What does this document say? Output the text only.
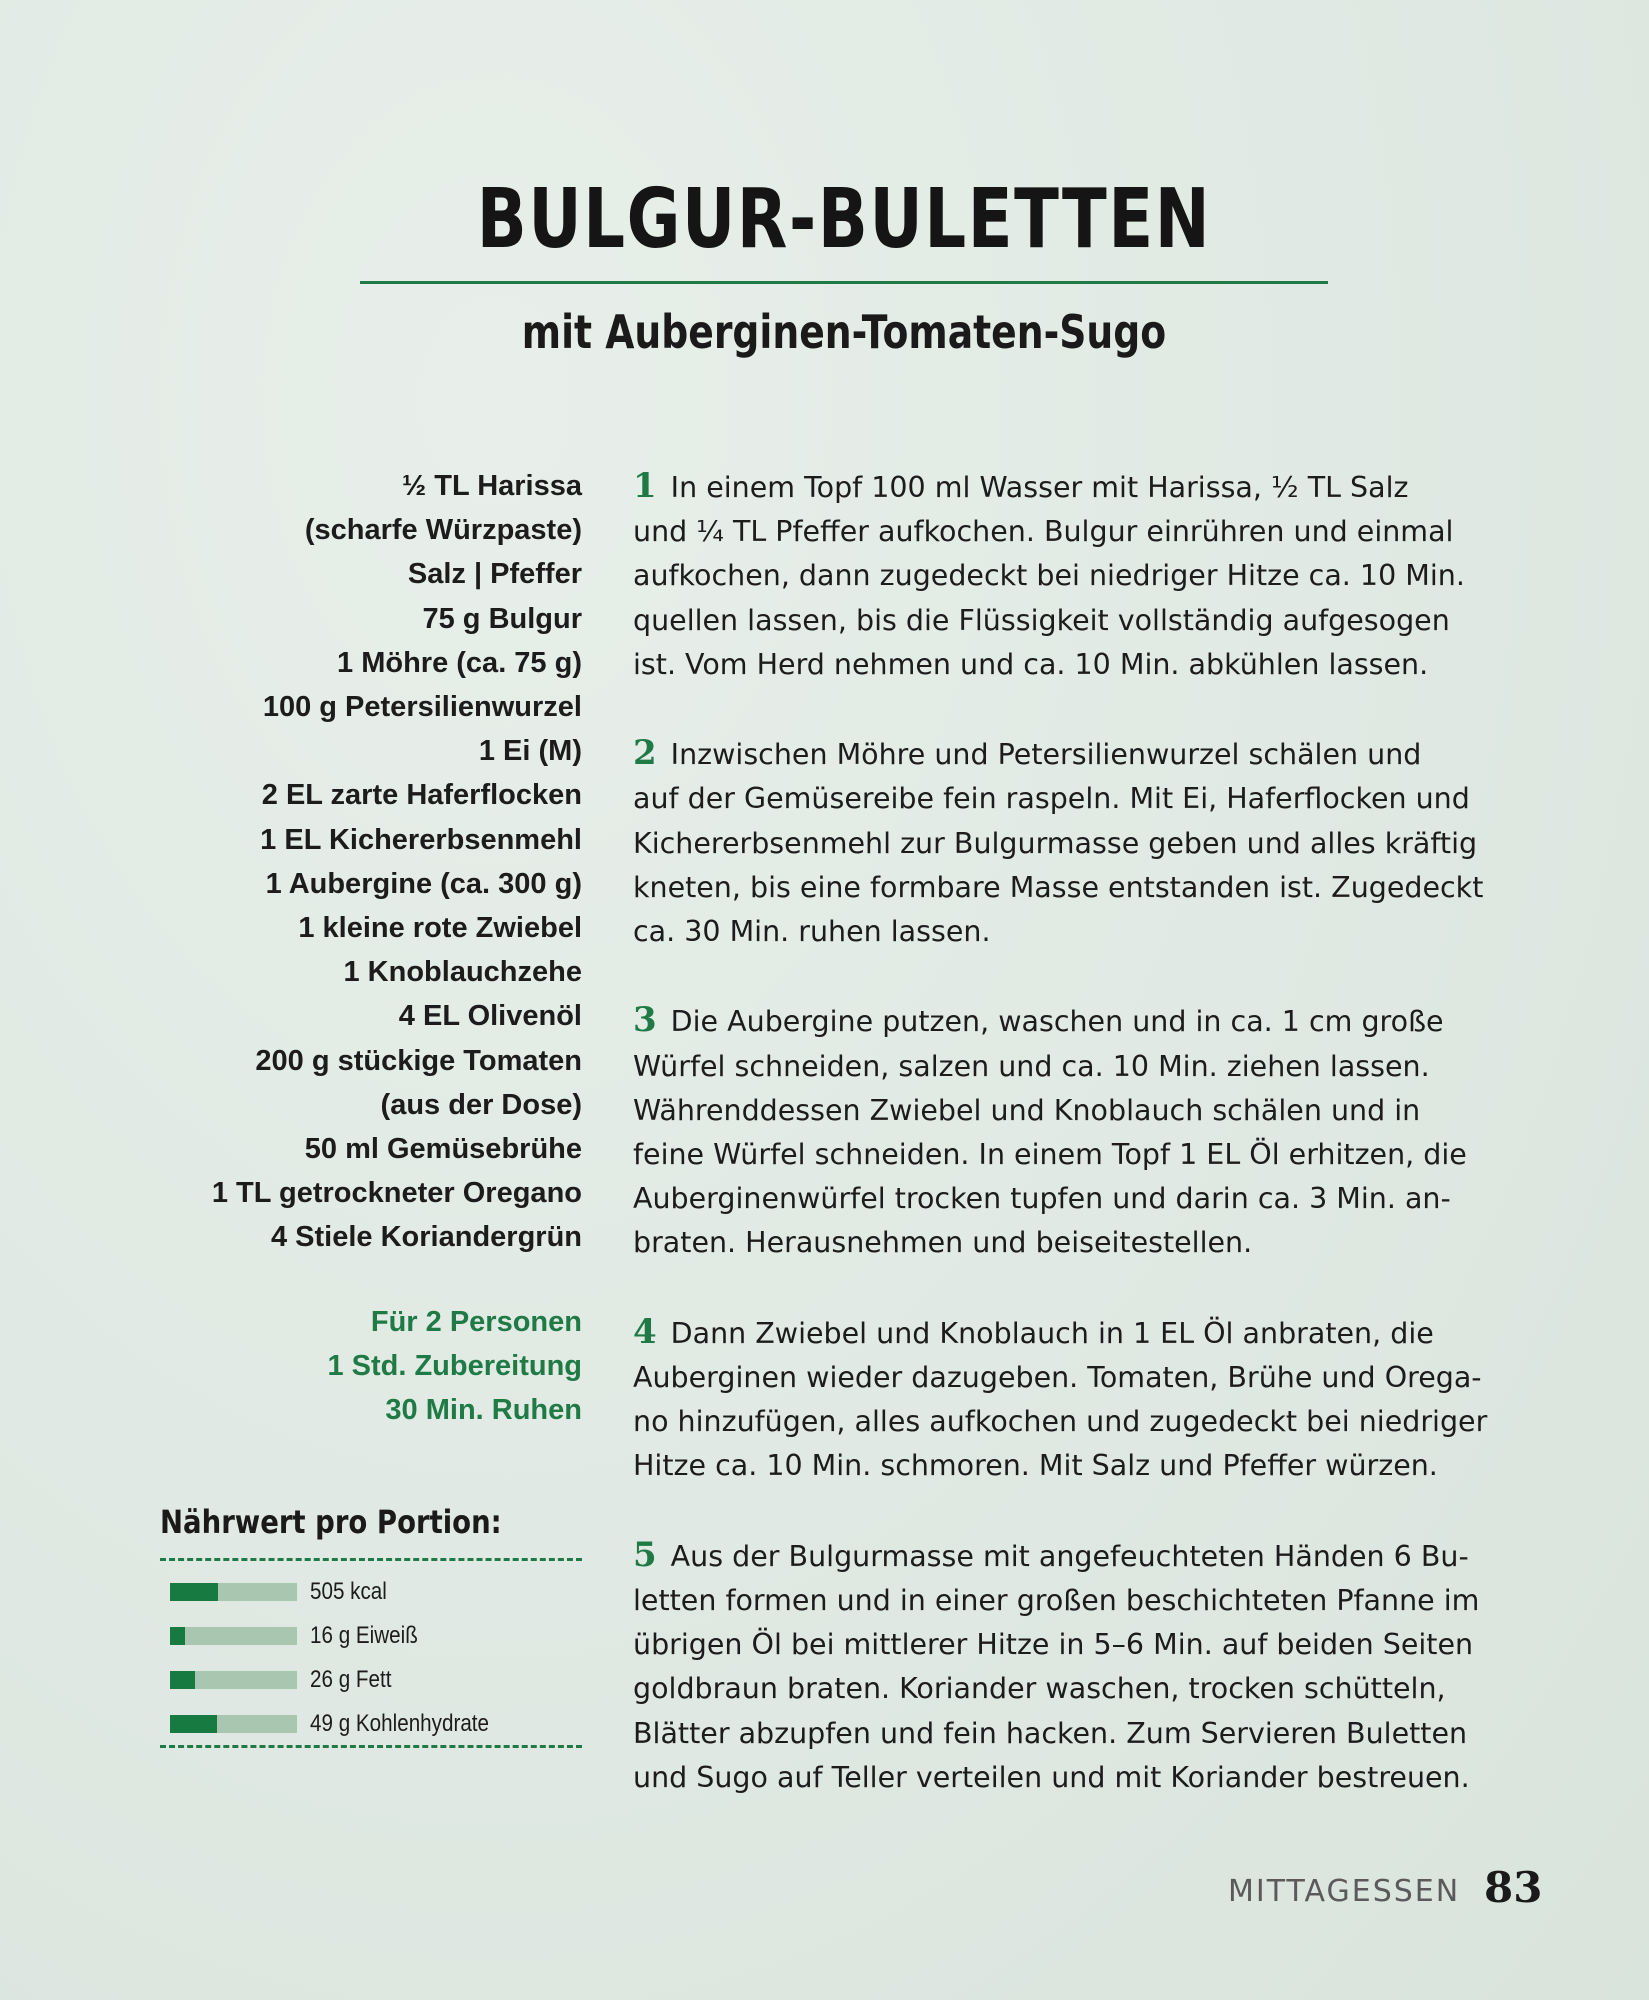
BULGUR-BULETTEN
mit Auberginen-Tomaten-Sugo
½ TL Harissa
(scharfe Würzpaste)
Salz | Pfeffer
75 g Bulgur
1 Möhre (ca. 75 g)
100 g Petersilienwurzel
1 Ei (M)
2 EL zarte Haferflocken
1 EL Kichererbsenmehl
1 Aubergine (ca. 300 g)
1 kleine rote Zwiebel
1 Knoblauchzehe
4 EL Olivenöl
200 g stückige Tomaten
(aus der Dose)
50 ml Gemüsebrühe
1 TL getrockneter Oregano
4 Stiele Koriandergrün
Für 2 Personen
1 Std. Zubereitung
30 Min. Ruhen
Nährwert pro Portion:
505 kcal
16 g Eiweiß
26 g Fett
49 g Kohlenhydrate
1 In einem Topf 100 ml Wasser mit Harissa, ½ TL Salz
und ¼ TL Pfeffer aufkochen. Bulgur einrühren und einmal
aufkochen, dann zugedeckt bei niedriger Hitze ca. 10 Min.
quellen lassen, bis die Flüssigkeit vollständig aufgesogen
ist. Vom Herd nehmen und ca. 10 Min. abkühlen lassen.
2 Inzwischen Möhre und Petersilienwurzel schälen und
auf der Gemüsereibe fein raspeln. Mit Ei, Haferflocken und
Kichererbsenmehl zur Bulgurmasse geben und alles kräftig
kneten, bis eine formbare Masse entstanden ist. Zugedeckt
ca. 30 Min. ruhen lassen.
3 Die Aubergine putzen, waschen und in ca. 1 cm große
Würfel schneiden, salzen und ca. 10 Min. ziehen lassen.
Währenddessen Zwiebel und Knoblauch schälen und in
feine Würfel schneiden. In einem Topf 1 EL Öl erhitzen, die
Auberginenwürfel trocken tupfen und darin ca. 3 Min. an-
braten. Herausnehmen und beiseitestellen.
4 Dann Zwiebel und Knoblauch in 1 EL Öl anbraten, die
Auberginen wieder dazugeben. Tomaten, Brühe und Orega-
no hinzufügen, alles aufkochen und zugedeckt bei niedriger
Hitze ca. 10 Min. schmoren. Mit Salz und Pfeffer würzen.
5 Aus der Bulgurmasse mit angefeuchteten Händen 6 Bu-
letten formen und in einer großen beschichteten Pfanne im
übrigen Öl bei mittlerer Hitze in 5–6 Min. auf beiden Seiten
goldbraun braten. Koriander waschen, trocken schütteln,
Blätter abzupfen und fein hacken. Zum Servieren Buletten
und Sugo auf Teller verteilen und mit Koriander bestreuen.
MITTAGESSEN 83
